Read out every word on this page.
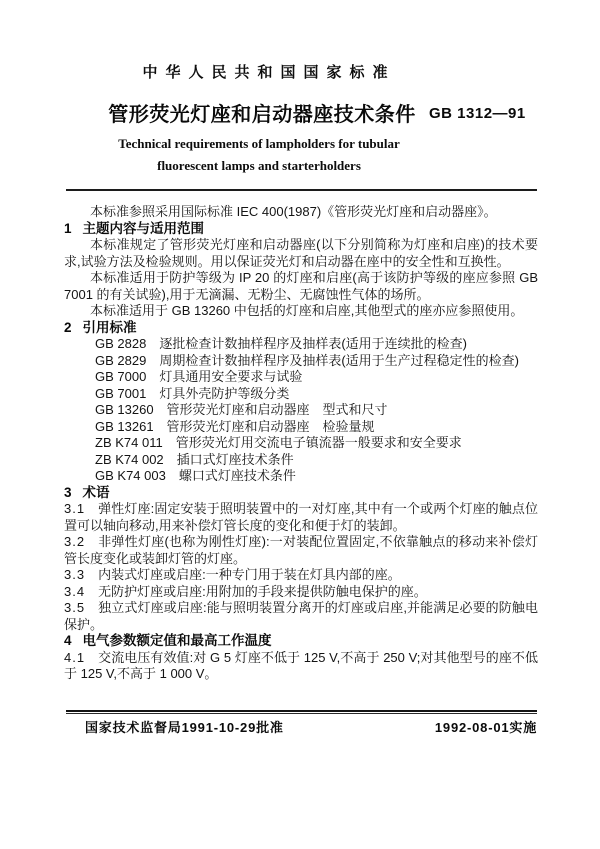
中华人民共和国国家标准
管形荧光灯座和启动器座技术条件 GB 1312—91
Technical requirements of lampholders for tubular
fluorescent lamps and starterholders

本标准参照采用国际标准 IEC 400(1987)《管形荧光灯座和启动器座》。

1 主题内容与适用范围

本标准规定了管形荧光灯座和启动器座(以下分别简称为灯座和启座)的技术要求,试验方法及检验规则。用以保证荧光灯和启动器在座中的安全性和互换性。

本标准适用于防护等级为 IP 20 的灯座和启座(高于该防护等级的座应参照 GB 7001 的有关试验),用于无滴漏、无粉尘、无腐蚀性气体的场所。

本标准适用于 GB 13260 中包括的灯座和启座,其他型式的座亦应参照使用。

2 引用标准

GB 2828 逐批检查计数抽样程序及抽样表(适用于连续批的检查)
GB 2829 周期检查计数抽样程序及抽样表(适用于生产过程稳定性的检查)
GB 7000 灯具通用安全要求与试验
GB 7001 灯具外壳防护等级分类
GB 13260 管形荧光灯座和启动器座　型式和尺寸
GB 13261 管形荧光灯座和启动器座　检验量规
ZB K74 011 管形荧光灯用交流电子镇流器一般要求和安全要求
ZB K74 002 插口式灯座技术条件
GB K74 003 螺口式灯座技术条件

3 术语

3.1 弹性灯座:固定安装于照明装置中的一对灯座,其中有一个或两个灯座的触点位置可以轴向移动,用来补偿灯管长度的变化和便于灯的装卸。

3.2 非弹性灯座(也称为刚性灯座):一对装配位置固定,不依靠触点的移动来补偿灯管长度变化或装卸灯管的灯座。

3.3 内装式灯座或启座:一种专门用于装在灯具内部的座。

3.4 无防护灯座或启座:用附加的手段来提供防触电保护的座。

3.5 独立式灯座或启座:能与照明装置分离开的灯座或启座,并能满足必要的防触电保护。

4 电气参数额定值和最高工作温度

4.1 交流电压有效值:对 G 5 灯座不低于 125 V,不高于 250 V;对其他型号的座不低于 125 V,不高于 1 000 V。

国家技术监督局1991-10-29批准	1992-08-01实施
